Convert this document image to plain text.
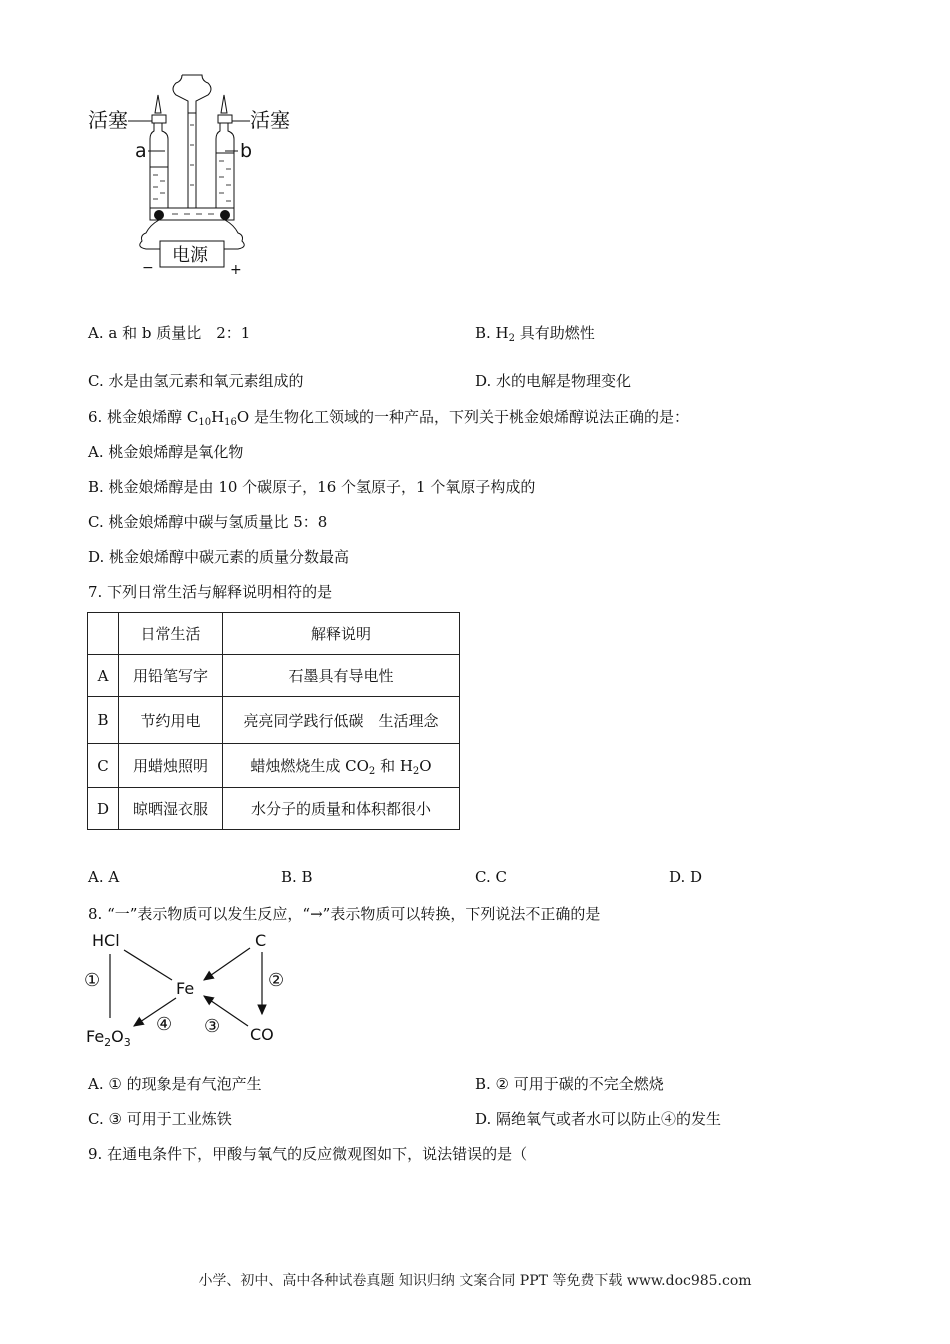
活塞	活塞
a	b
电源
−	+
A. a 和 b 质量比　2：1	B. $H_2$ 具有助燃性
C. 水是由氢元素和氧元素组成的	D. 水的电解是物理变化
6. 桃金娘烯醇 $C_{10}H_{16}O$ 是生物化工领域的一种产品，下列关于桃金娘烯醇说法正确的是：
A. 桃金娘烯醇是氧化物
B. 桃金娘烯醇是由 10 个碳原子，16 个氢原子，1 个氧原子构成的
C. 桃金娘烯醇中碳与氢质量比 5：8
D. 桃金娘烯醇中碳元素的质量分数最高
7. 下列日常生活与解释说明相符的是
	日常生活	解释说明
A	用铅笔写字	石墨具有导电性
B	节约用电	亮亮同学践行低碳　生活理念
C	用蜡烛照明	蜡烛燃烧生成 $CO_2$ 和 $H_2O$
D	晾晒湿衣服	水分子的质量和体积都很小
A. A	B. B	C. C	D. D
8. “一”表示物质可以发生反应，“→”表示物质可以转换，下列说法不正确的是
HCl	C
Fe
$Fe_2O_3$	CO
①	②
③
④
A. ① 的现象是有气泡产生	B. ② 可用于碳的不完全燃烧
C. ③ 可用于工业炼铁	D. 隔绝氧气或者水可以防止④的发生
9. 在通电条件下，甲酸与氧气的反应微观图如下，说法错误的是（
小学、初中、高中各种试卷真题 知识归纳 文案合同 PPT 等免费下载 www.doc985.com
